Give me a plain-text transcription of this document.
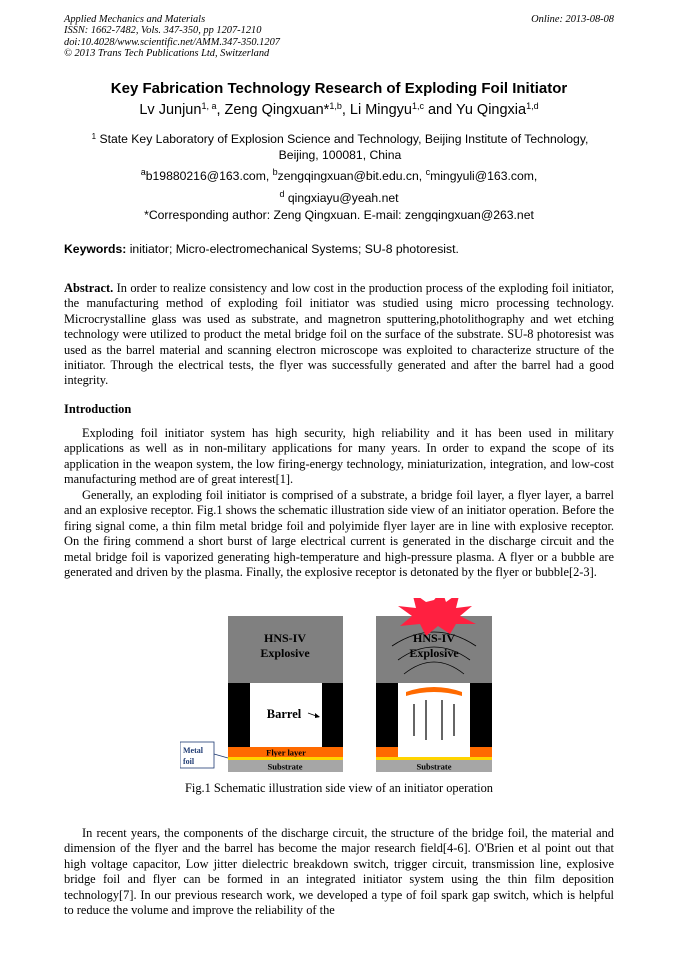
Applied Mechanics and Materials
ISSN: 1662-7482, Vols. 347-350, pp 1207-1210
doi:10.4028/www.scientific.net/AMM.347-350.1207
© 2013 Trans Tech Publications Ltd, Switzerland
Online: 2013-08-08
Key Fabrication Technology Research of Exploding Foil Initiator
Lv Junjun$^{1, a}$, Zeng Qingxuan*$^{1,b}$, Li Mingyu$^{1,c}$ and Yu Qingxia$^{1,d}$
$^1$ State Key Laboratory of Explosion Science and Technology, Beijing Institute of Technology, Beijing, 100081, China
$^a$b19880216@163.com, $^b$zengqingxuan@bit.edu.cn, $^c$mingyuli@163.com,
$^d$ qingxiayu@yeah.net
*Corresponding author: Zeng Qingxuan. E-mail: zengqingxuan@263.net
Keywords: initiator; Micro-electromechanical Systems; SU-8 photoresist.
Abstract. In order to realize consistency and low cost in the production process of the exploding foil initiator, the manufacturing method of exploding foil initiator was studied using micro processing technology. Microcrystalline glass was used as substrate, and magnetron sputtering,photolithography and wet etching technology were utilized to product the metal bridge foil on the surface of the substrate. SU-8 photoresist was used as the barrel material and scanning electron microscope was exploited to characterize structure of the initiator. Through the electrical tests, the flyer was successfully generated and after the barrel had a good integrity.
Introduction
Exploding foil initiator system has high security, high reliability and it has been used in military applications as well as in non-military applications for many years. In order to expand the scope of its application in the weapon system, the low firing-energy technology, miniaturization, integration, and low-cost manufacturing method are of great interest[1].
Generally, an exploding foil initiator is comprised of a substrate, a bridge foil layer, a flyer layer, a barrel and an explosive receptor. Fig.1 shows the schematic illustration side view of an initiator operation. Before the firing signal come, a thin film metal bridge foil and polyimide flyer layer are in line with explosive receptor. On the firing commend a short burst of large electrical current is generated in the discharge circuit and the metal bridge foil is vaporized generating high-temperature and high-pressure plasma. A flyer or a bubble are generated and driven by the plasma. Finally, the explosive receptor is detonated by the flyer or bubble[2-3].
HNS-IV
Explosive
Barrel
Flyer layer
Substrate
Metal
foil
HNS-IV
Explosive
Substrate
Fig.1 Schematic illustration side view of an initiator operation
In recent years, the components of the discharge circuit, the structure of the bridge foil, the material and dimension of the flyer and the barrel has become the major research field[4-6]. O'Brien et al point out that high voltage capacitor, Low jitter dielectric breakdown switch, trigger circuit, transmission line, explosive bridge foil and flyer can be formed in an integrated initiator system using the thin film deposition technology[7]. In our previous research work, we developed a type of foil spark gap switch, which is helpful to reduce the volume and improve the reliability of the
